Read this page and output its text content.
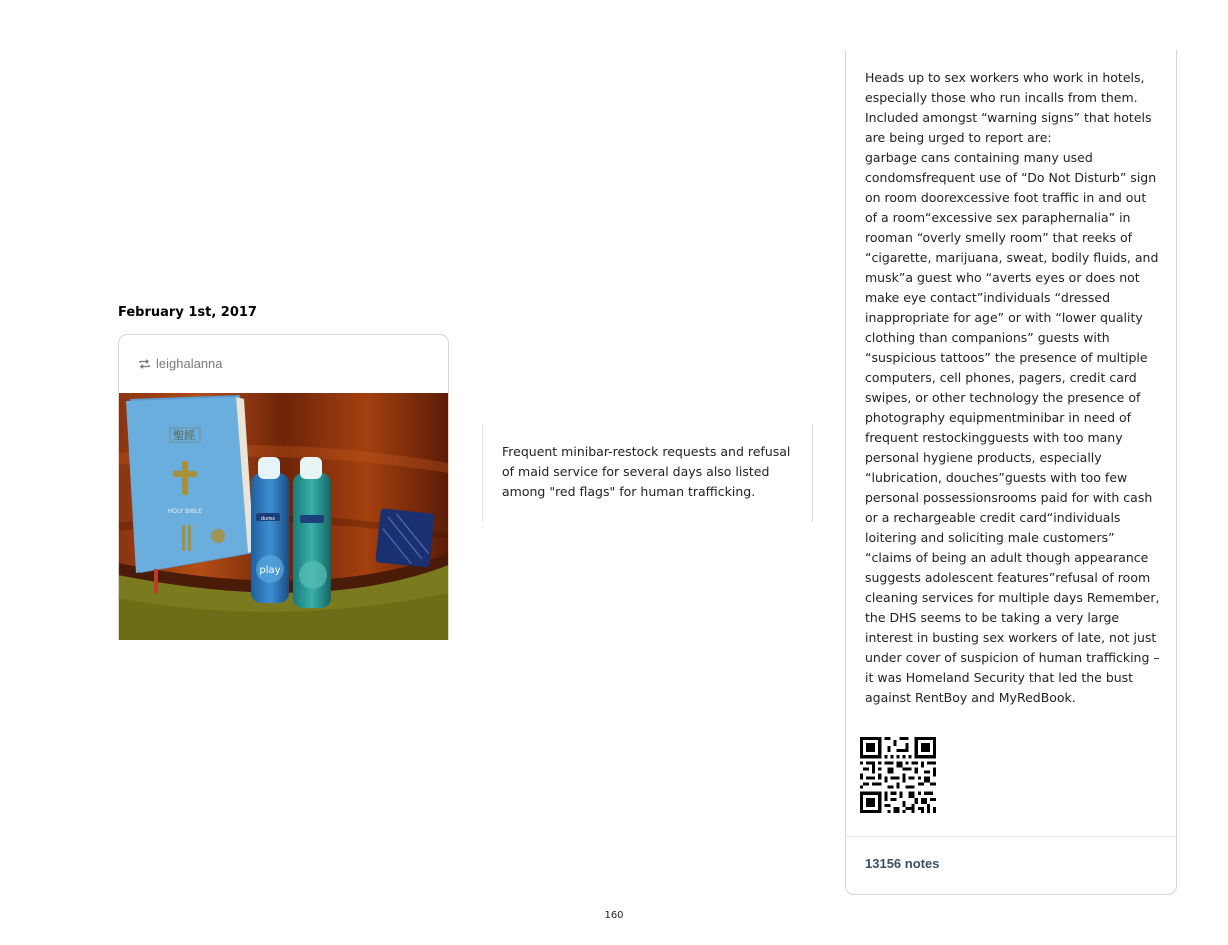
February 1st, 2017
leighalanna
聖經
HOLY BIBLE
durex
play

Frequent minibar-restock requests and refusal of maid service for several days also listed among "red flags" for human trafficking.

Heads up to sex workers who work in hotels, especially those who run incalls from them. Included amongst “warning signs” that hotels are being urged to report are:
garbage cans containing many used condomsfrequent use of “Do Not Disturb” sign on room doorexcessive foot traffic in and out of a room“excessive sex paraphernalia” in rooman “overly smelly room” that reeks of “cigarette, marijuana, sweat, bodily fluids, and musk”a guest who “averts eyes or does not make eye contact”individuals “dressed inappropriate for age” or with “lower quality clothing than companions” guests with “suspicious tattoos” the presence of multiple computers, cell phones, pagers, credit card swipes, or other technology the presence of photography equipmentminibar in need of frequent restockingguests with too many personal hygiene products, especially “lubrication, douches”guests with too few personal possessionsrooms paid for with cash or a rechargeable credit card“individuals loitering and soliciting male customers” “claims of being an adult though appearance suggests adolescent features”refusal of room cleaning services for multiple days Remember, the DHS seems to be taking a very large interest in busting sex workers of late, not just under cover of suspicion of human trafficking – it was Homeland Security that led the bust against RentBoy and MyRedBook.
13156 notes
160
